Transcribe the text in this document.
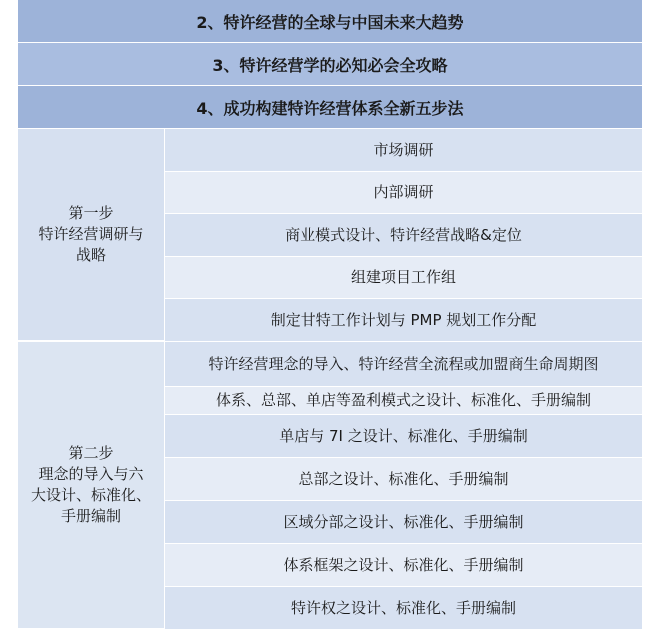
2、特许经营的全球与中国未来大趋势
3、特许经营学的必知必会全攻略
4、成功构建特许经营体系全新五步法
第一步
特许经营调研与
战略
市场调研
内部调研
商业模式设计、特许经营战略&定位
组建项目工作组
制定甘特工作计划与 PMP 规划工作分配
第二步
理念的导入与六
大设计、标准化、
手册编制
特许经营理念的导入、特许经营全流程或加盟商生命周期图
体系、总部、单店等盈利模式之设计、标准化、手册编制
单店与 7I 之设计、标准化、手册编制
总部之设计、标准化、手册编制
区域分部之设计、标准化、手册编制
体系框架之设计、标准化、手册编制
特许权之设计、标准化、手册编制
